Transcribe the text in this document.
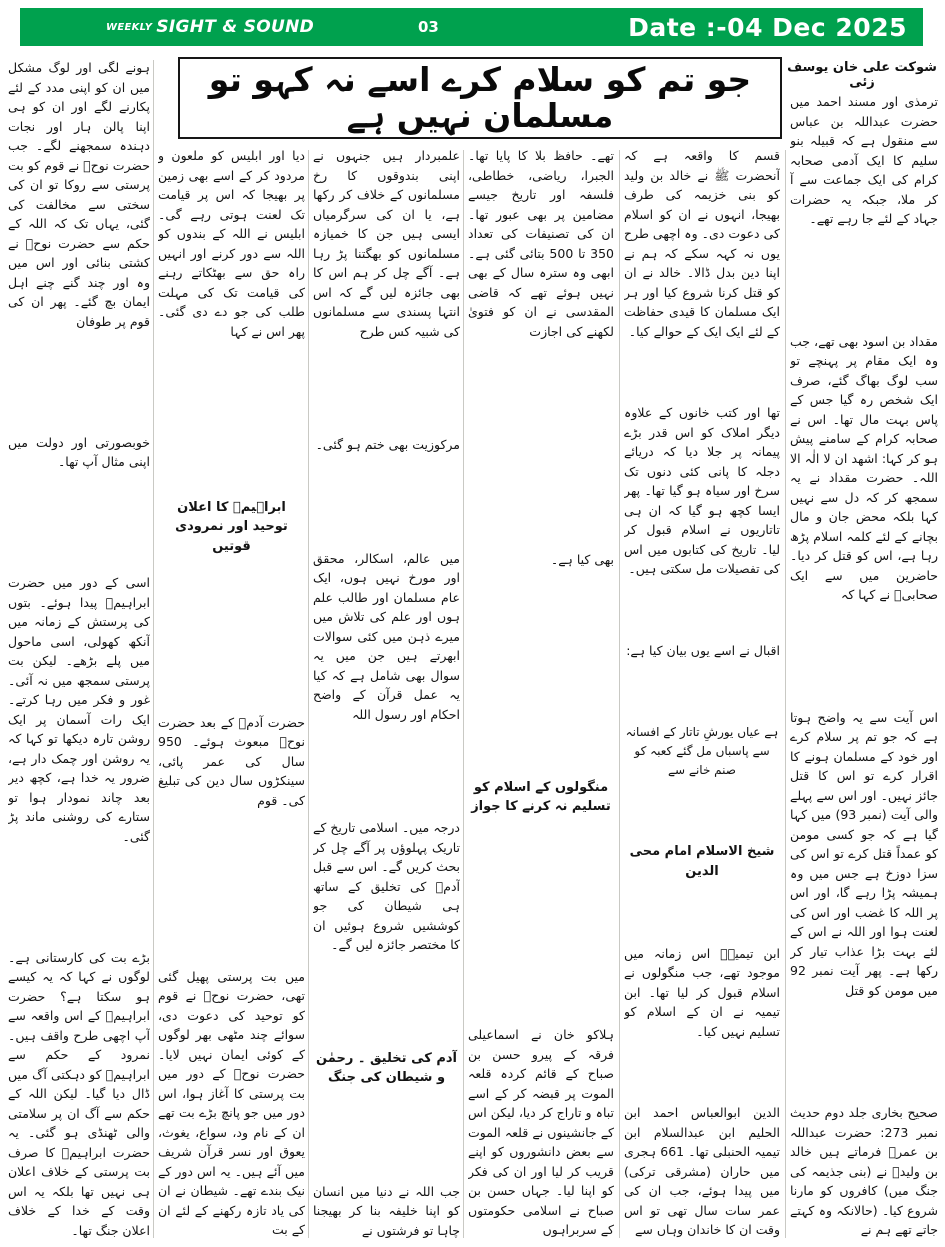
WEEKLY SIGHT & SOUND	03	Date :-04 Dec 2025
شوکت علی خان یوسف زئی
جو تم کو سلام کرے اسے نہ کہو تو مسلمان نہیں ہے	ترمذی اور مسند احمد میں حضرت عبداللہ بن عباس سے منقول ہے کہ قبیلہ بنو سلیم کا ایک آدمی صحابہ کرام کی ایک جماعت سے آ کر ملا، جبکہ یہ حضرات جہاد کے لئے جا رہے تھے۔

مقداد بن اسود بھی تھے، جب وہ ایک مقام پر پہنچے تو سب لوگ بھاگ گئے، صرف ایک شخص رہ گیا جس کے پاس بہت مال تھا۔ اس نے صحابہ کرام کے سامنے پیش ہو کر کہا: اشھد ان لا الٰہ الا اللہ۔ حضرت مقداد نے یہ سمجھ کر کہ دل سے نہیں کہا بلکہ محض جان و مال بچانے کے لئے کلمہ اسلام پڑھ رہا ہے، اس کو قتل کر دیا۔ حاضرین میں سے ایک صحابیؓ نے کہا کہ

اس آیت سے یہ واضح ہوتا ہے کہ جو تم پر سلام کرے اور خود کے مسلمان ہونے کا اقرار کرے تو اس کا قتل جائز نہیں۔ اور اس سے پہلے والی آیت (نمبر 93) میں کہا گیا ہے کہ جو کسی مومن کو عمداً قتل کرے تو اس کی سزا دوزخ ہے جس میں وہ ہمیشہ پڑا رہے گا، اور اس پر اللہ کا غضب اور اس کی لعنت ہوا اور اللہ نے اس کے لئے بہت بڑا عذاب تیار کر رکھا ہے۔ پھر آیت نمبر 92 میں مومن کو قتل

صحیح بخاری جلد دوم حدیث نمبر 273: حضرت عبداللہ بن عمرؓ فرماتے ہیں خالد بن ولیدؓ نے (بنی جذیمہ کی جنگ میں) کافروں کو مارنا شروع کیا۔ (حالانکہ وہ کہتے جاتے تھے ہم نے

قسم کا واقعہ ہے کہ آنحضرت ﷺ نے خالد بن ولید کو بنی خزیمہ کی طرف بھیجا، انہوں نے ان کو اسلام کی دعوت دی۔ وہ اچھی طرح یوں نہ کہہ سکے کہ ہم نے اپنا دین بدل ڈالا۔ خالد نے ان کو قتل کرنا شروع کیا اور ہر ایک مسلمان کا قیدی حفاظت کے لئے ایک ایک کے حوالے کیا۔

تھا اور کتب خانوں کے علاوہ دیگر املاک کو اس قدر بڑے پیمانہ پر جلا دیا کہ دریائے دجلہ کا پانی کئی دنوں تک سرخ اور سیاہ ہو گیا تھا۔ پھر ایسا کچھ ہو گیا کہ ان ہی تاتاریوں نے اسلام قبول کر لیا۔ تاریخ کی کتابوں میں اس کی تفصیلات مل سکتی ہیں۔

اقبال نے اسے یوں بیان کیا ہے:

ہے عیاں یورشِ تاتار کے افسانہ سے پاسباں مل گئے کعبہ کو صنم خانے سے

شیخ الاسلام امام محی الدین

ابن تیمیہؒ اس زمانہ میں موجود تھے، جب منگولوں نے اسلام قبول کر لیا تھا۔ ابن تیمیہ نے ان کے اسلام کو تسلیم نہیں کیا۔

الدین ابوالعباس احمد ابن الحلیم ابن عبدالسلام ابن تیمیہ الحنبلی تھا۔ 661 ہجری میں حاران (مشرقی ترکی) میں پیدا ہوئے، جب ان کی عمر سات سال تھی تو اس وقت ان کا خاندان وہاں سے

تھے۔ حافظ بلا کا پایا تھا۔ الجبرا، ریاضی، خطاطی، فلسفہ اور تاریخ جیسے مضامین پر بھی عبور تھا۔ ان کی تصنیفات کی تعداد 350 تا 500 بتائی گئی ہے۔ ابھی وہ سترہ سال کے بھی نہیں ہوئے تھے کہ قاضی المقدسی نے ان کو فتویٰ لکھنے کی اجازت

بھی کیا ہے۔

منگولوں کے اسلام کو تسلیم نہ کرنے کا جواز

ہلاکو خان نے اسماعیلی فرقہ کے پیرو حسن بن صباح کے قائم کردہ قلعہ الموت پر قبضہ کر کے اسے تباہ و تاراج کر دیا، لیکن اس کے جانشینوں نے قلعہ الموت سے بعض دانشوروں کو اپنے قریب کر لیا اور ان کی فکر کو اپنا لیا۔ جہاں حسن بن صباح نے اسلامی حکومتوں کے سربراہوں

علمبردار ہیں جنہوں نے اپنی بندوقوں کا رخ مسلمانوں کے خلاف کر رکھا ہے، یا ان کی سرگرمیاں ایسی ہیں جن کا خمیازہ مسلمانوں کو بھگتنا پڑ رہا ہے۔ آگے چل کر ہم اس کا بھی جائزہ لیں گے کہ اس انتہا پسندی سے مسلمانوں کی شبیہ کس طرح

مرکوزیت بھی ختم ہو گئی۔

میں عالم، اسکالر، محقق اور مورخ نہیں ہوں، ایک عام مسلمان اور طالب علم ہوں اور علم کی تلاش میں میرے ذہن میں کئی سوالات ابھرتے ہیں جن میں یہ سوال بھی شامل ہے کہ کیا یہ عمل قرآن کے واضح احکام اور رسول اللہ

درجہ میں۔ اسلامی تاریخ کے تاریک پہلوؤں پر آگے چل کر بحث کریں گے۔ اس سے قبل آدمؑ کی تخلیق کے ساتھ ہی شیطان کی جو کوششیں شروع ہوئیں ان کا مختصر جائزہ لیں گے۔

آدم کی تخلیق ۔ رحمٰن و شیطان کی جنگ

جب اللہ نے دنیا میں انسان کو اپنا خلیفہ بنا کر بھیجنا چاہا تو فرشتوں نے

دیا اور ابلیس کو ملعون و مردود کر کے اسے بھی زمین پر بھیجا کہ اس پر قیامت تک لعنت ہوتی رہے گی۔ ابلیس نے اللہ کے بندوں کو اللہ سے دور کرنے اور انہیں راہ حق سے بھٹکاتے رہنے کی قیامت تک کی مہلت طلب کی جو دے دی گئی۔ پھر اس نے کہا

ابراہیمؑ کا اعلان توحید اور نمرودی قوتیں

حضرت آدمؑ کے بعد حضرت نوحؑ مبعوث ہوئے۔ 950 سال کی عمر پائی، سینکڑوں سال دین کی تبلیغ کی۔ قوم

میں بت پرستی پھیل گئی تھی، حضرت نوحؑ نے قوم کو توحید کی دعوت دی، سوائے چند مٹھی بھر لوگوں کے کوئی ایمان نہیں لایا۔ حضرت نوحؑ کے دور میں بت پرستی کا آغاز ہوا، اس دور میں جو پانچ بڑے بت تھے ان کے نام ود، سواع، یغوث، یعوق اور نسر قرآن شریف میں آئے ہیں۔ یہ اس دور کے نیک بندے تھے۔ شیطان نے ان کی یاد تازہ رکھنے کے لئے ان کے بت

ہونے لگی اور لوگ مشکل میں ان کو اپنی مدد کے لئے پکارنے لگے اور ان کو ہی اپنا پالن ہار اور نجات دہندہ سمجھنے لگے۔ جب حضرت نوحؑ نے قوم کو بت پرستی سے روکا تو ان کی سختی سے مخالفت کی گئی، یہاں تک کہ اللہ کے حکم سے حضرت نوحؑ نے کشتی بنائی اور اس میں وہ اور چند گنے چنے اہل ایمان بچ گئے۔ پھر ان کی قوم پر طوفان

خوبصورتی اور دولت میں اپنی مثال آپ تھا۔

اسی کے دور میں حضرت ابراہیمؑ پیدا ہوئے۔ بتوں کی پرستش کے زمانہ میں آنکھ کھولی، اسی ماحول میں پلے بڑھے۔ لیکن بت پرستی سمجھ میں نہ آئی۔ غور و فکر میں رہا کرتے۔ ایک رات آسمان پر ایک روشن تارہ دیکھا تو کہا کہ یہ روشن اور چمک دار ہے، ضرور یہ خدا ہے، کچھ دیر بعد چاند نمودار ہوا تو ستارے کی روشنی ماند پڑ گئی۔

بڑے بت کی کارستانی ہے۔ لوگوں نے کہا کہ یہ کیسے ہو سکتا ہے؟ حضرت ابراہیمؑ کے اس واقعہ سے آپ اچھی طرح واقف ہیں۔ نمرود کے حکم سے ابراہیمؑ کو دہکتی آگ میں ڈال دیا گیا۔ لیکن اللہ کے حکم سے آگ ان پر سلامتی والی ٹھنڈی ہو گئی۔ یہ حضرت ابراہیمؑ کا صرف بت پرستی کے خلاف اعلان ہی نہیں تھا بلکہ یہ اس وقت کے خدا کے خلاف اعلان جنگ تھا۔
